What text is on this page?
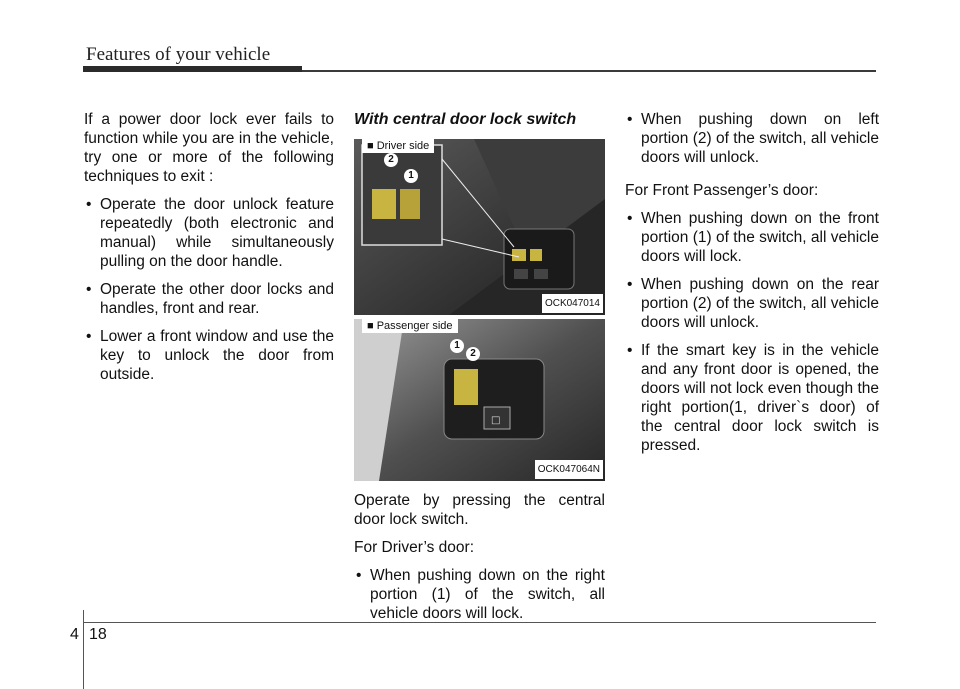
Features of your vehicle

If a power door lock ever fails to function while you are in the vehicle, try one or more of the following techniques to exit :

• Operate the door unlock feature repeatedly (both electronic and manual) while simultaneously pulling on the door handle.
• Operate the other door locks and handles, front and rear.
• Lower a front window and use the key to unlock the door from outside.
With central door lock switch
■ Driver side
2
1
OCK047014
□
■ Passenger side
1
2
OCK047064N

Operate by pressing the central door lock switch.

For Driver’s door:

• When pushing down on the right portion (1) of the switch, all vehicle doors will lock.
• When pushing down on left portion (2) of the switch, all vehicle doors will unlock.

For Front Passenger’s door:

• When pushing down on the front portion (1) of the switch, all vehicle doors will lock.
• When pushing down on the rear portion (2) of the switch, all vehicle doors will unlock.
• If the smart key is in the vehicle and any front door is opened, the doors will not lock even though the right portion(1, driver`s door) of the central door lock switch is pressed.
4 18
